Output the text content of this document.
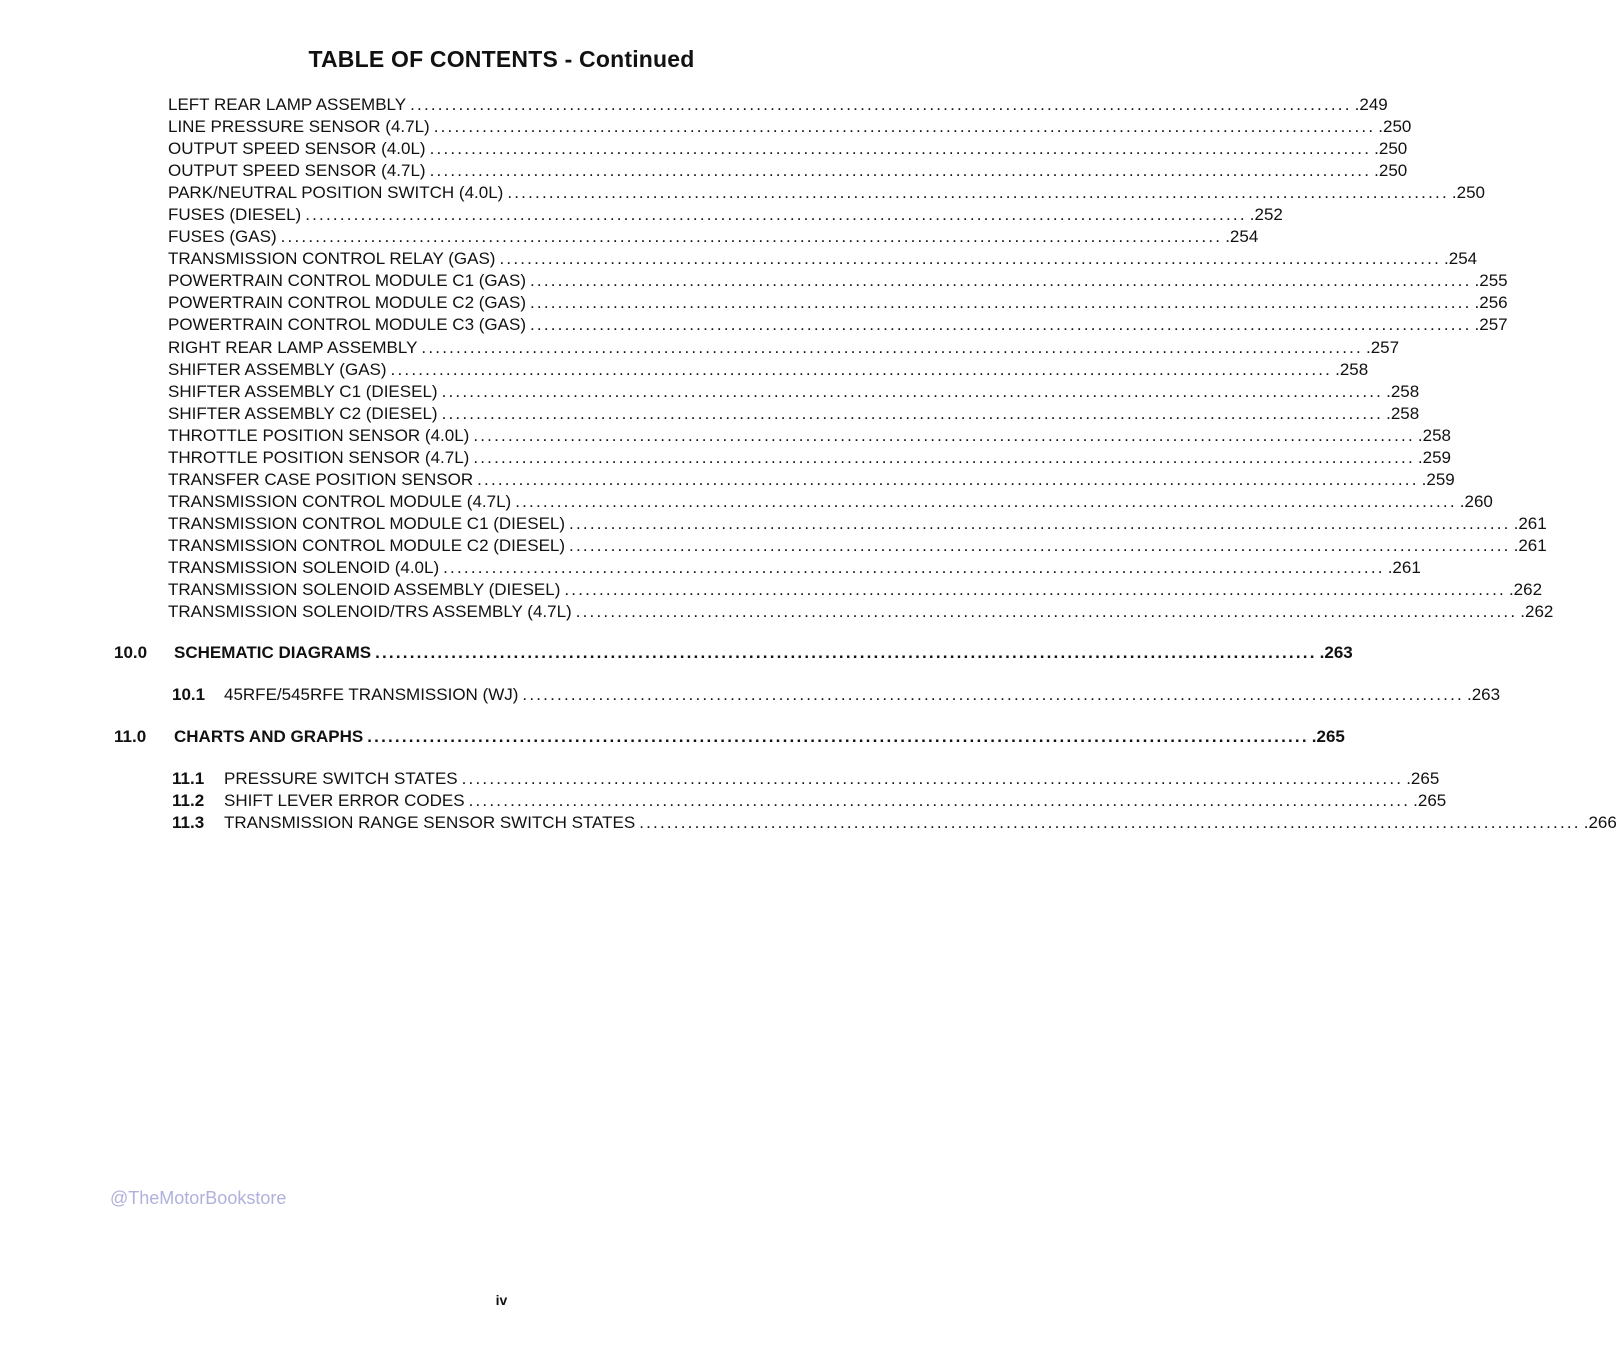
TABLE OF CONTENTS - Continued
LEFT REAR LAMP ASSEMBLY ........................................................................................................................................ .249
LINE PRESSURE SENSOR (4.7L) ........................................................................................................................................ .250
OUTPUT SPEED SENSOR (4.0L) ........................................................................................................................................ .250
OUTPUT SPEED SENSOR (4.7L) ........................................................................................................................................ .250
PARK/NEUTRAL POSITION SWITCH (4.0L) ........................................................................................................................................ .250
FUSES (DIESEL) ........................................................................................................................................ .252
FUSES (GAS) ........................................................................................................................................ .254
TRANSMISSION CONTROL RELAY (GAS) ........................................................................................................................................ .254
POWERTRAIN CONTROL MODULE C1 (GAS) ........................................................................................................................................ .255
POWERTRAIN CONTROL MODULE C2 (GAS) ........................................................................................................................................ .256
POWERTRAIN CONTROL MODULE C3 (GAS) ........................................................................................................................................ .257
RIGHT REAR LAMP ASSEMBLY ........................................................................................................................................ .257
SHIFTER ASSEMBLY (GAS) ........................................................................................................................................ .258
SHIFTER ASSEMBLY C1 (DIESEL) ........................................................................................................................................ .258
SHIFTER ASSEMBLY C2 (DIESEL) ........................................................................................................................................ .258
THROTTLE POSITION SENSOR (4.0L) ........................................................................................................................................ .258
THROTTLE POSITION SENSOR (4.7L) ........................................................................................................................................ .259
TRANSFER CASE POSITION SENSOR ........................................................................................................................................ .259
TRANSMISSION CONTROL MODULE (4.7L) ........................................................................................................................................ .260
TRANSMISSION CONTROL MODULE C1 (DIESEL) ........................................................................................................................................ .261
TRANSMISSION CONTROL MODULE C2 (DIESEL) ........................................................................................................................................ .261
TRANSMISSION SOLENOID (4.0L) ........................................................................................................................................ .261
TRANSMISSION SOLENOID ASSEMBLY (DIESEL) ........................................................................................................................................ .262
TRANSMISSION SOLENOID/TRS ASSEMBLY (4.7L) ........................................................................................................................................ .262
10.0 SCHEMATIC DIAGRAMS ........................................................................................................................................ .263
10.1	45RFE/545RFE TRANSMISSION (WJ) ........................................................................................................................................ .263
11.0 CHARTS AND GRAPHS ........................................................................................................................................ .265
11.1	PRESSURE SWITCH STATES ........................................................................................................................................ .265
11.2	SHIFT LEVER ERROR CODES ........................................................................................................................................ .265
11.3	TRANSMISSION RANGE SENSOR SWITCH STATES ........................................................................................................................................ .266
@TheMotorBookstore
iv
